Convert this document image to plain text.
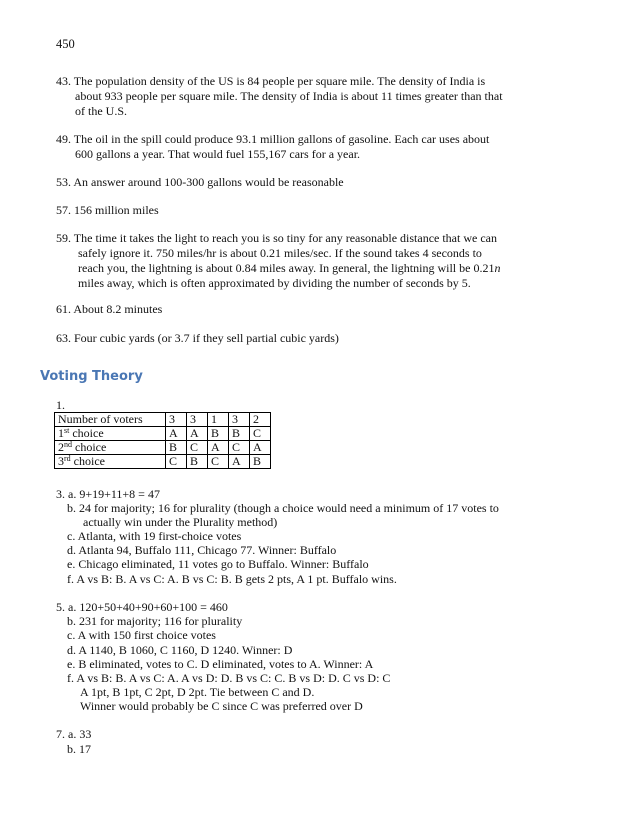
450
43. The population density of the US is 84 people per square mile. The density of India is
about 933 people per square mile. The density of India is about 11 times greater than that
of the U.S.
49. The oil in the spill could produce 93.1 million gallons of gasoline. Each car uses about
600 gallons a year. That would fuel 155,167 cars for a year.
53. An answer around 100-300 gallons would be reasonable
57. 156 million miles
59. The time it takes the light to reach you is so tiny for any reasonable distance that we can
safely ignore it. 750 miles/hr is about 0.21 miles/sec. If the sound takes 4 seconds to
reach you, the lightning is about 0.84 miles away. In general, the lightning will be 0.21n
miles away, which is often approximated by dividing the number of seconds by 5.
61. About 8.2 minutes
63. Four cubic yards (or 3.7 if they sell partial cubic yards)
Voting Theory
1.
Number of voters	3	3	1	3	2
1st choice	A	A	B	B	C
2nd choice	B	C	A	C	A
3rd choice	C	B	C	A	B
3. a. 9+19+11+8 = 47
b. 24 for majority; 16 for plurality (though a choice would need a minimum of 17 votes to
actually win under the Plurality method)
c. Atlanta, with 19 first-choice votes
d. Atlanta 94, Buffalo 111, Chicago 77. Winner: Buffalo
e. Chicago eliminated, 11 votes go to Buffalo. Winner: Buffalo
f. A vs B: B. A vs C: A. B vs C: B. B gets 2 pts, A 1 pt. Buffalo wins.
5. a. 120+50+40+90+60+100 = 460
b. 231 for majority; 116 for plurality
c. A with 150 first choice votes
d. A 1140, B 1060, C 1160, D 1240. Winner: D
e. B eliminated, votes to C. D eliminated, votes to A. Winner: A
f. A vs B: B. A vs C: A. A vs D: D. B vs C: C. B vs D: D. C vs D: C
A 1pt, B 1pt, C 2pt, D 2pt. Tie between C and D.
Winner would probably be C since C was preferred over D
7. a. 33
b. 17
